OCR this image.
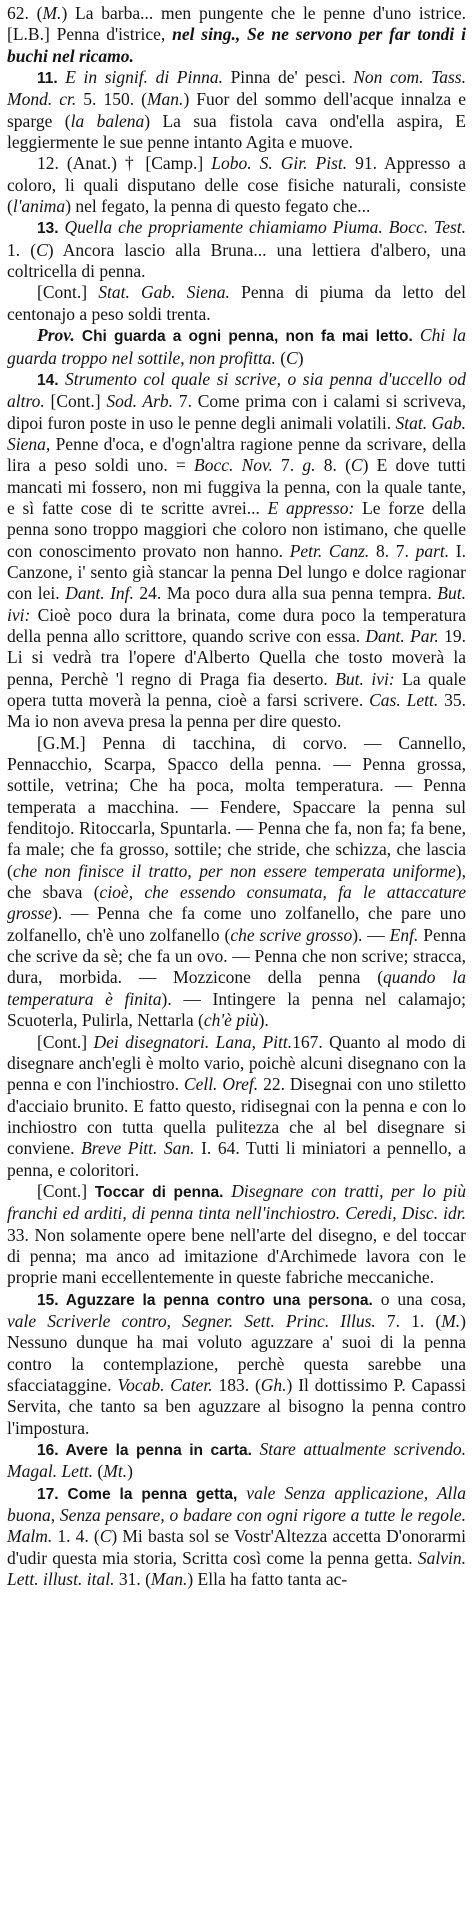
62. (M.) La barba... men pungente che le penne d'uno istrice. [L.B.] Penna d'istrice, nel sing., Se ne servono per far tondi i buchi nel ricamo.

11. E in signif. di Pinna. Pinna de' pesci. Non com. Tass. Mond. cr. 5. 150. (Man.) Fuor del sommo dell'acque innalza e sparge (la balena) La sua fistola cava ond'ella aspira, E leggiermente le sue penne intanto Agita e muove.

12. (Anat.) † [Camp.] Lobo. S. Gir. Pist. 91. Appresso a coloro, li quali disputano delle cose fisiche naturali, consiste (l'anima) nel fegato, la penna di questo fegato che...

13. Quella che propriamente chiamiamo Piuma. Bocc. Test. 1. (C) Ancora lascio alla Bruna... una lettiera d'albero, una coltricella di penna.

[Cont.] Stat. Gab. Siena. Penna di piuma da letto del centonajo a peso soldi trenta.

Prov. Chi guarda a ogni penna, non fa mai letto. Chi la guarda troppo nel sottile, non profitta. (C)

14. Strumento col quale si scrive, o sia penna d'uccello od altro. [Cont.] Sod. Arb. 7. Come prima con i calami si scriveva, dipoi furon poste in uso le penne degli animali volatili. Stat. Gab. Siena, Penne d'oca, e d'ogn'altra ragione penne da scrivare, della lira a peso soldi uno. = Bocc. Nov. 7. g. 8. (C) E dove tutti mancati mi fossero, non mi fuggiva la penna, con la quale tante, e sì fatte cose di te scritte avrei... E appresso: Le forze della penna sono troppo maggiori che coloro non istimano, che quelle con conoscimento provato non hanno. Petr. Canz. 8. 7. part. I. Canzone, i' sento già stancar la penna Del lungo e dolce ragionar con lei. Dant. Inf. 24. Ma poco dura alla sua penna tempra. But. ivi: Cioè poco dura la brinata, come dura poco la temperatura della penna allo scrittore, quando scrive con essa. Dant. Par. 19. Li si vedrà tra l'opere d'Alberto Quella che tosto moverà la penna, Perchè 'l regno di Praga fia deserto. But. ivi: La quale opera tutta moverà la penna, cioè a farsi scrivere. Cas. Lett. 35. Ma io non aveva presa la penna per dire questo.

[G.M.] Penna di tacchina, di corvo. — Cannello, Pennacchio, Scarpa, Spacco della penna. — Penna grossa, sottile, vetrina; Che ha poca, molta temperatura. — Penna temperata a macchina. — Fendere, Spaccare la penna sul fenditojo. Ritoccarla, Spuntarla. — Penna che fa, non fa; fa bene, fa male; che fa grosso, sottile; che stride, che schizza, che lascia (che non finisce il tratto, per non essere temperata uniforme), che sbava (cioè, che essendo consumata, fa le attaccature grosse). — Penna che fa come uno zolfanello, che pare uno zolfanello, ch'è uno zolfanello (che scrive grosso). — Enf. Penna che scrive da sè; che fa un ovo. — Penna che non scrive; stracca, dura, morbida. — Mozzicone della penna (quando la temperatura è finita). — Intingere la penna nel calamajo; Scuoterla, Pulirla, Nettarla (ch'è più).

[Cont.] Dei disegnatori. Lana, Pitt.167. Quanto al modo di disegnare anch'egli è molto vario, poichè alcuni disegnano con la penna e con l'inchiostro. Cell. Oref. 22. Disegnai con uno stiletto d'acciaio brunito. E fatto questo, ridisegnai con la penna e con lo inchiostro con tutta quella pulitezza che al bel disegnare si conviene. Breve Pitt. San. I. 64. Tutti li miniatori a pennello, a penna, e coloritori.

[Cont.] Toccar di penna. Disegnare con tratti, per lo più franchi ed arditi, di penna tinta nell'inchiostro. Ceredi, Disc. idr. 33. Non solamente opere bene nell'arte del disegno, e del toccar di penna; ma anco ad imitazione d'Archimede lavora con le proprie mani eccellentemente in queste fabriche meccaniche.

15. Aguzzare la penna contro una persona. o una cosa, vale Scriverle contro, Segner. Sett. Princ. Illus. 7. 1. (M.) Nessuno dunque ha mai voluto aguzzare a' suoi di la penna contro la contemplazione, perchè questa sarebbe una sfacciataggine. Vocab. Cater. 183. (Gh.) Il dottissimo P. Capassi Servita, che tanto sa ben aguzzare al bisogno la penna contro l'impostura.

16. Avere la penna in carta. Stare attualmente scrivendo. Magal. Lett. (Mt.)

17. Come la penna getta, vale Senza applicazione, Alla buona, Senza pensare, o badare con ogni rigore a tutte le regole. Malm. 1. 4. (C) Mi basta sol se Vostr'Altezza accetta D'onorarmi d'udir questa mia storia, Scritta così come la penna getta. Salvin. Lett. illust. ital. 31. (Man.) Ella ha fatto tanta ac-
